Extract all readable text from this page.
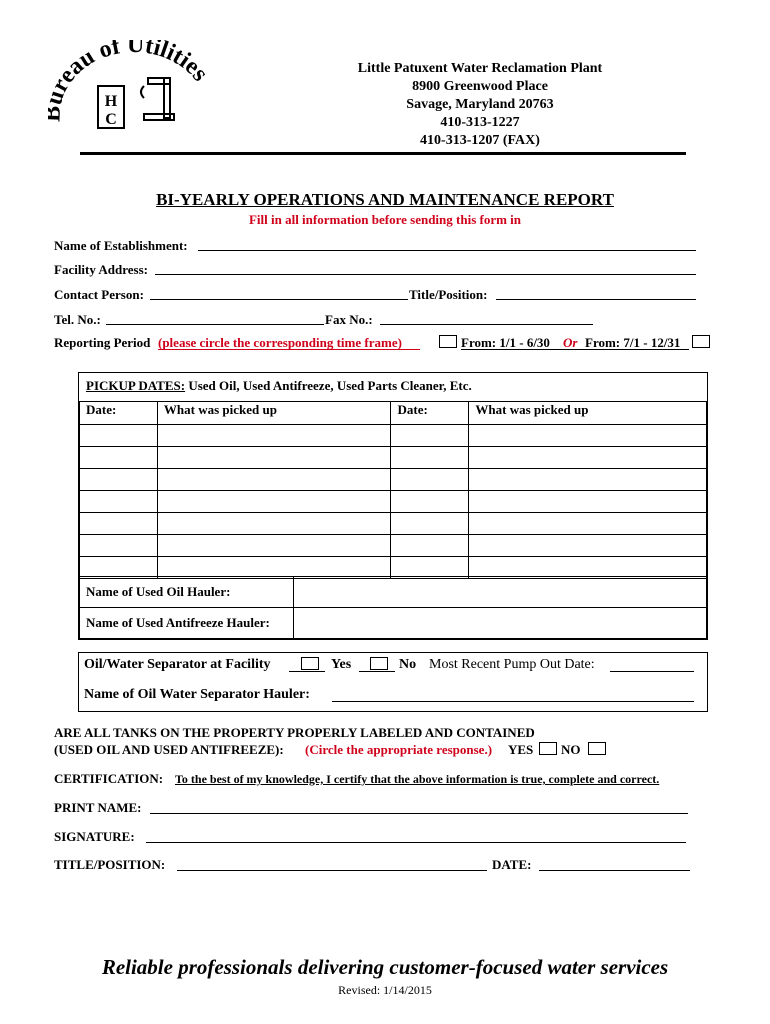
reau of Utilities
H
C
Little Patuxent Water Reclamation Plant
8900 Greenwood Place
Savage, Maryland 20763
410-313-1227
410-313-1207 (FAX)
BI-YEARLY OPERATIONS AND MAINTENANCE REPORT
Fill in all information before sending this form in
Name of Establishment:
Facility Address:
Contact Person:	Title/Position:
Tel. No.:	Fax No.:
Reporting Period (please circle the corresponding time frame)	From: 1/1 - 6/30 Or From: 7/1 - 12/31
PICKUP DATES: Used Oil, Used Antifreeze, Used Parts Cleaner, Etc.
Date:	What was picked up	Date:	What was picked up

Name of Used Oil Hauler:	
Name of Used Antifreeze Hauler:	
Oil/Water Separator at Facility	Yes	No Most Recent Pump Out Date:
Name of Oil Water Separator Hauler:
ARE ALL TANKS ON THE PROPERTY PROPERLY LABELED AND CONTAINED
(USED OIL AND USED ANTIFREEZE): (Circle the appropriate response.) YES NO
CERTIFICATION: To the best of my knowledge, I certify that the above information is true, complete and correct.
PRINT NAME:
SIGNATURE:
TITLE/POSITION:	DATE:
Reliable professionals delivering customer-focused water services
Revised: 1/14/2015
